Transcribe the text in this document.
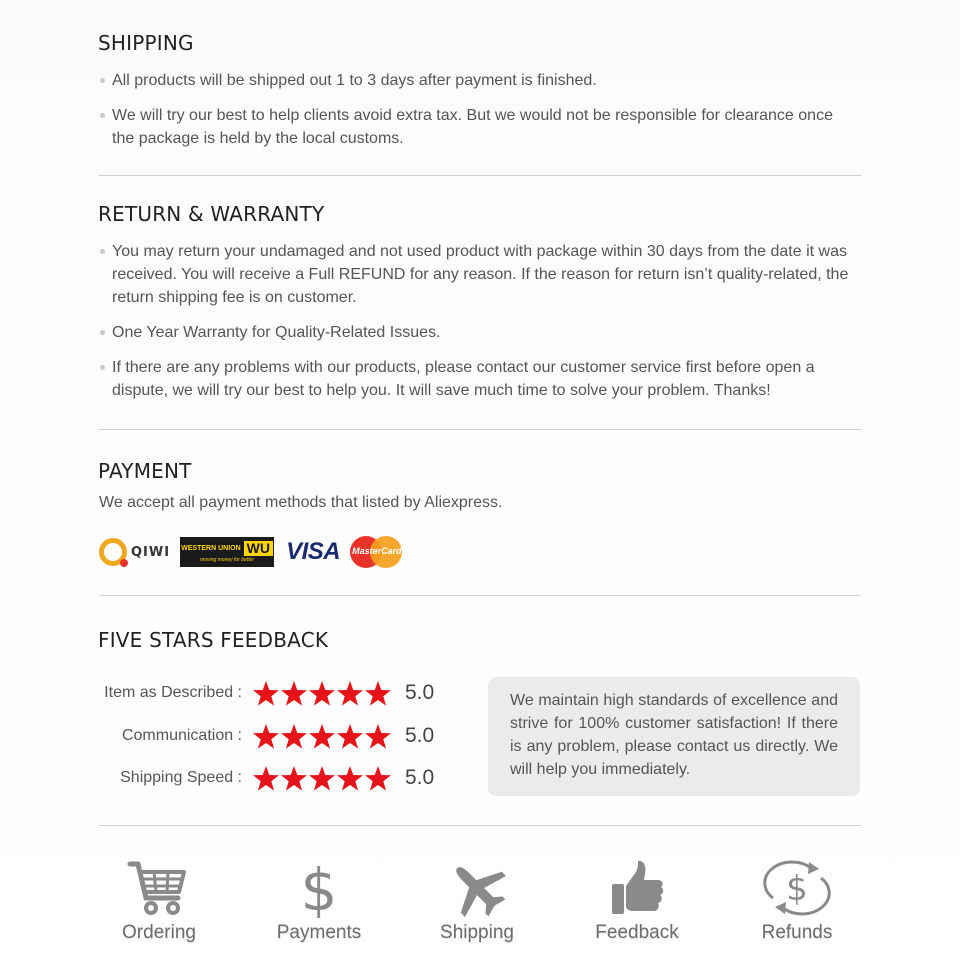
SHIPPING
All products will be shipped out 1 to 3 days after payment is finished.
We will try our best to help clients avoid extra tax. But we would not be responsible for clearance once the package is held by the local customs.
RETURN & WARRANTY
You may return your undamaged and not used product with package within 30 days from the date it was received. You will receive a Full REFUND for any reason. If the reason for return isn’t quality-related, the return shipping fee is on customer.
One Year Warranty for Quality-Related Issues.
If there are any problems with our products, please contact our customer service first before open a dispute, we will try our best to help you. It will save much time to solve your problem. Thanks!
PAYMENT
We accept all payment methods that listed by Aliexpress.
QIWI WESTERN UNION WU
moving money for better VISA MasterCard
FIVE STARS FEEDBACK
Item as Described :	5.0
Communication :	5.0
Shipping Speed :	5.0
We maintain high standards of excellence and strive for 100% customer satisfaction! If there is any problem, please contact us directly. We will help you immediately.
Ordering
$
Payments	Shipping	Feedback
$
Refunds
